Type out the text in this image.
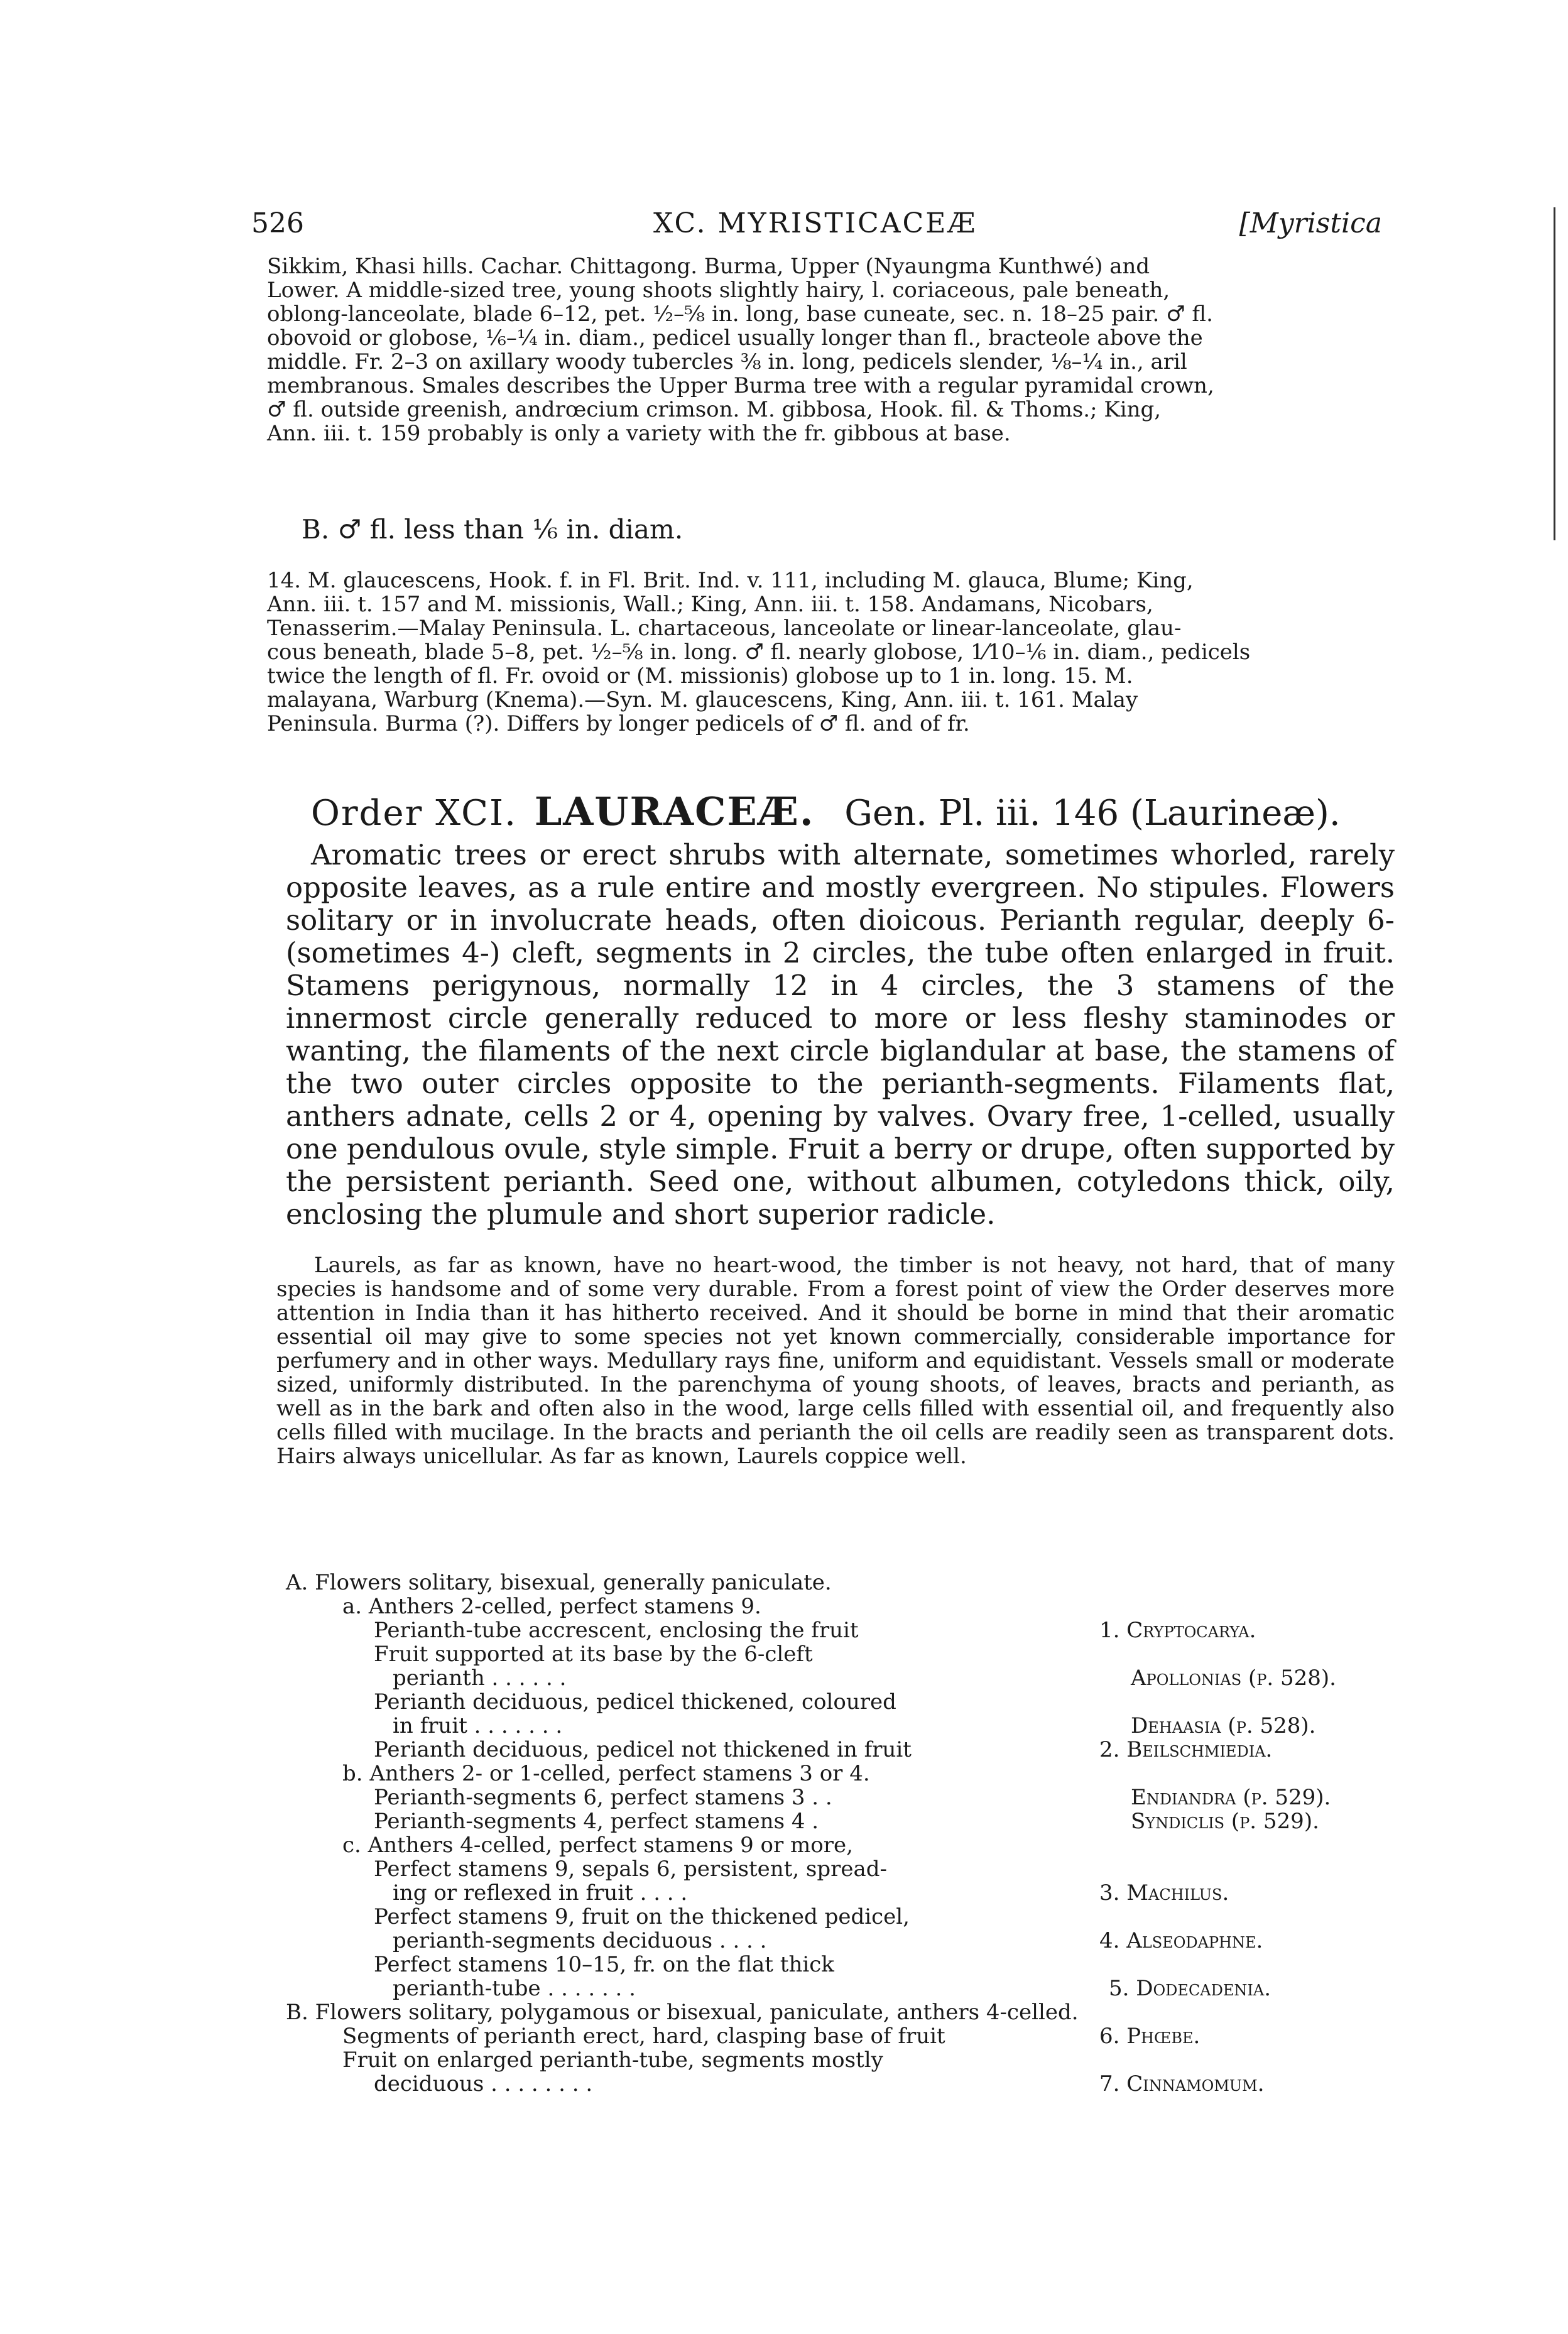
526	XC. MYRISTICACEÆ	[Myristica
Sikkim, Khasi hills. Cachar. Chittagong. Burma, Upper (Nyaungma Kunthwé) and
Lower. A middle-sized tree, young shoots slightly hairy, l. coriaceous, pale beneath,
oblong-lanceolate, blade 6–12, pet. ½–⅝ in. long, base cuneate, sec. n. 18–25 pair. ♂ fl.
obovoid or globose, ⅙–¼ in. diam., pedicel usually longer than fl., bracteole above the
middle. Fr. 2–3 on axillary woody tubercles ⅜ in. long, pedicels slender, ⅛–¼ in., aril
membranous. Smales describes the Upper Burma tree with a regular pyramidal crown,
♂ fl. outside greenish, andrœcium crimson. M. gibbosa, Hook. fil. & Thoms.; King,
Ann. iii. t. 159 probably is only a variety with the fr. gibbous at base.
B. ♂ fl. less than ⅙ in. diam.
14. M. glaucescens, Hook. f. in Fl. Brit. Ind. v. 111, including M. glauca, Blume; King,
Ann. iii. t. 157 and M. missionis, Wall.; King, Ann. iii. t. 158. Andamans, Nicobars,
Tenasserim.—Malay Peninsula. L. chartaceous, lanceolate or linear-lanceolate, glau-
cous beneath, blade 5–8, pet. ½–⅝ in. long. ♂ fl. nearly globose, 1⁄10–⅙ in. diam., pedicels
twice the length of fl. Fr. ovoid or (M. missionis) globose up to 1 in. long. 15. M.
malayana, Warburg (Knema).—Syn. M. glaucescens, King, Ann. iii. t. 161. Malay
Peninsula. Burma (?). Differs by longer pedicels of ♂ fl. and of fr.
Order XCI. LAURACEÆ. Gen. Pl. iii. 146 (Laurineæ).

Aromatic trees or erect shrubs with alternate, sometimes whorled, rarely opposite leaves, as a rule entire and mostly evergreen. No stipules. Flowers solitary or in involucrate heads, often dioicous. Perianth regular, deeply 6- (sometimes 4-) cleft, segments in 2 circles, the tube often enlarged in fruit. Stamens perigynous, normally 12 in 4 circles, the 3 stamens of the innermost circle generally reduced to more or less fleshy staminodes or wanting, the filaments of the next circle biglandular at base, the stamens of the two outer circles opposite to the perianth-segments. Filaments flat, anthers adnate, cells 2 or 4, opening by valves. Ovary free, 1-celled, usually one pendulous ovule, style simple. Fruit a berry or drupe, often supported by the persistent perianth. Seed one, without albumen, cotyledons thick, oily, enclosing the plumule and short superior radicle.

Laurels, as far as known, have no heart-wood, the timber is not heavy, not hard, that of many species is handsome and of some very durable. From a forest point of view the Order deserves more attention in India than it has hitherto received. And it should be borne in mind that their aromatic essential oil may give to some species not yet known commercially, considerable importance for perfumery and in other ways. Medullary rays fine, uniform and equidistant. Vessels small or moderate sized, uniformly distributed. In the parenchyma of young shoots, of leaves, bracts and perianth, as well as in the bark and often also in the wood, large cells filled with essential oil, and frequently also cells filled with mucilage. In the bracts and perianth the oil cells are readily seen as transparent dots. Hairs always unicellular. As far as known, Laurels coppice well.

A. Flowers solitary, bisexual, generally paniculate.
a. Anthers 2-celled, perfect stamens 9.
Perianth-tube accrescent, enclosing the fruit	1. Cryptocarya.
Fruit supported at its base by the 6-cleft
perianth . . . . . .	Apollonias (p. 528).
Perianth deciduous, pedicel thickened, coloured
in fruit . . . . . . .	Dehaasia (p. 528).
Perianth deciduous, pedicel not thickened in fruit	2. Beilschmiedia.
b. Anthers 2- or 1-celled, perfect stamens 3 or 4.
Perianth-segments 6, perfect stamens 3 . .	Endiandra (p. 529).
Perianth-segments 4, perfect stamens 4 .	Syndiclis (p. 529).
c. Anthers 4-celled, perfect stamens 9 or more,
Perfect stamens 9, sepals 6, persistent, spread-
ing or reflexed in fruit . . . .	3. Machilus.
Perfect stamens 9, fruit on the thickened pedicel,
perianth-segments deciduous . . . .	4. Alseodaphne.
Perfect stamens 10–15, fr. on the flat thick
perianth-tube . . . . . . .	5. Dodecadenia.
B. Flowers solitary, polygamous or bisexual, paniculate, anthers 4-celled.
Segments of perianth erect, hard, clasping base of fruit	6. Phœbe.
Fruit on enlarged perianth-tube, segments mostly
deciduous . . . . . . . .	7. Cinnamomum.
